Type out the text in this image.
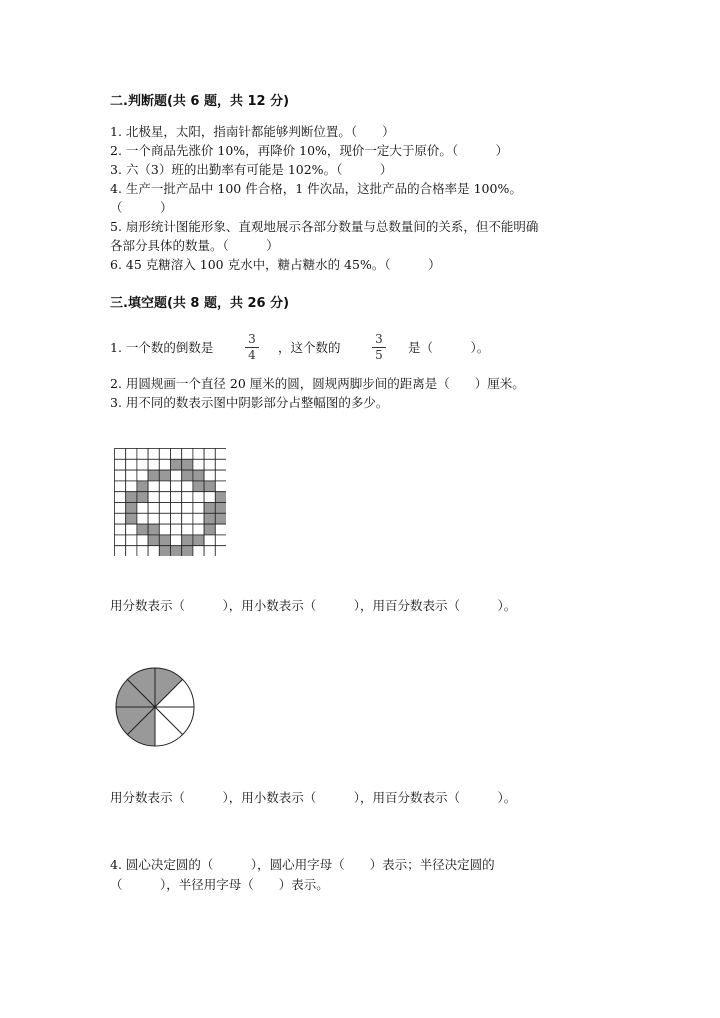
二.判断题(共 6 题，共 12 分)
1. 北极星，太阳，指南针都能够判断位置。（　　）
2. 一个商品先涨价 10%，再降价 10%，现价一定大于原价。（　　　）
3. 六（3）班的出勤率有可能是 102%。（　　　）
4. 生产一批产品中 100 件合格，1 件次品，这批产品的合格率是 100%。
（　　　）
5. 扇形统计图能形象、直观地展示各部分数量与总数量间的关系，但不能明确
各部分具体的数量。（　　　）
6. 45 克糖溶入 100 克水中，糖占糖水的 45%。（　　　）
三.填空题(共 8 题，共 26 分)
1. 一个数的倒数是
3
4 ，这个数的
3
5 是（　　　）。
2. 用圆规画一个直径 20 厘米的圆，圆规两脚步间的距离是（　　）厘米。
3. 用不同的数表示图中阴影部分占整幅图的多少。
用分数表示（　　　），用小数表示（　　　），用百分数表示（　　　）。
用分数表示（　　　），用小数表示（　　　），用百分数表示（　　　）。
4. 圆心决定圆的（　　　），圆心用字母（　　）表示；半径决定圆的
（　　　），半径用字母（　　）表示。
